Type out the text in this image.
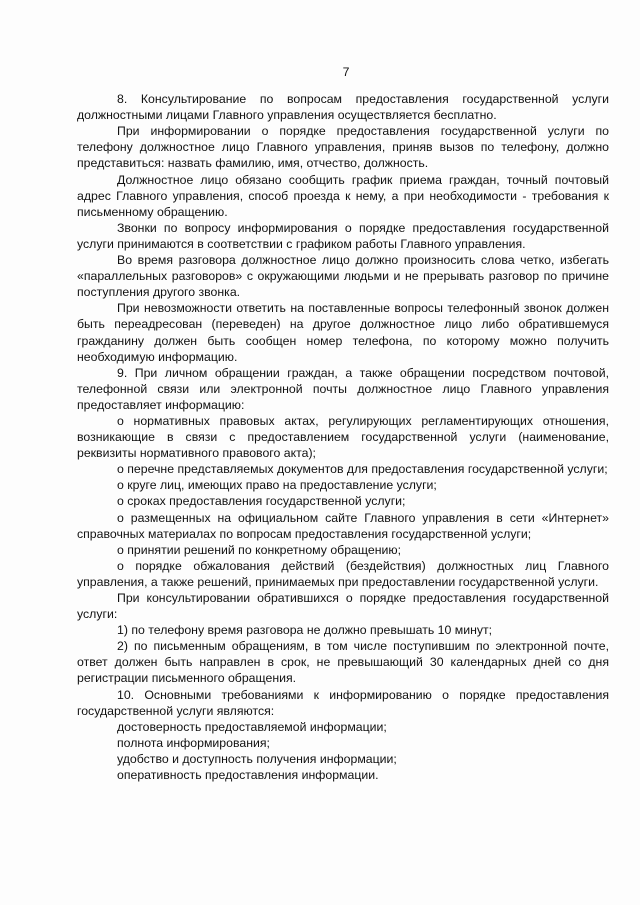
7

8. Консультирование по вопросам предоставления государственной услуги должностными лицами Главного управления осуществляется бесплатно.

При информировании о порядке предоставления государственной услуги по телефону должностное лицо Главного управления, приняв вызов по телефону, должно представиться: назвать фамилию, имя, отчество, должность.

Должностное лицо обязано сообщить график приема граждан, точный почтовый адрес Главного управления, способ проезда к нему, а при необходимости - требования к письменному обращению.

Звонки по вопросу информирования о порядке предоставления государственной услуги принимаются в соответствии с графиком работы Главного управления.

Во время разговора должностное лицо должно произносить слова четко, избегать «параллельных разговоров» с окружающими людьми и не прерывать разговор по причине поступления другого звонка.

При невозможности ответить на поставленные вопросы телефонный звонок должен быть переадресован (переведен) на другое должностное лицо либо обратившемуся гражданину должен быть сообщен номер телефона, по которому можно получить необходимую информацию.

9. При личном обращении граждан, а также обращении посредством почтовой, телефонной связи или электронной почты должностное лицо Главного управления предоставляет информацию:

о нормативных правовых актах, регулирующих регламентирующих отношения, возникающие в связи с предоставлением государственной услуги (наименование, реквизиты нормативного правового акта);

о перечне представляемых документов для предоставления государственной услуги;

о круге лиц, имеющих право на предоставление услуги;

о сроках предоставления государственной услуги;

о размещенных на официальном сайте Главного управления в сети «Интернет» справочных материалах по вопросам предоставления государственной услуги;

о принятии решений по конкретному обращению;

о порядке обжалования действий (бездействия) должностных лиц Главного управления, а также решений, принимаемых при предоставлении государственной услуги.

При консультировании обратившихся о порядке предоставления государственной услуги:

1) по телефону время разговора не должно превышать 10 минут;

2) по письменным обращениям, в том числе поступившим по электронной почте, ответ должен быть направлен в срок, не превышающий 30 календарных дней со дня регистрации письменного обращения.

10. Основными требованиями к информированию о порядке предоставления государственной услуги являются:

достоверность предоставляемой информации;

полнота информирования;

удобство и доступность получения информации;

оперативность предоставления информации.
